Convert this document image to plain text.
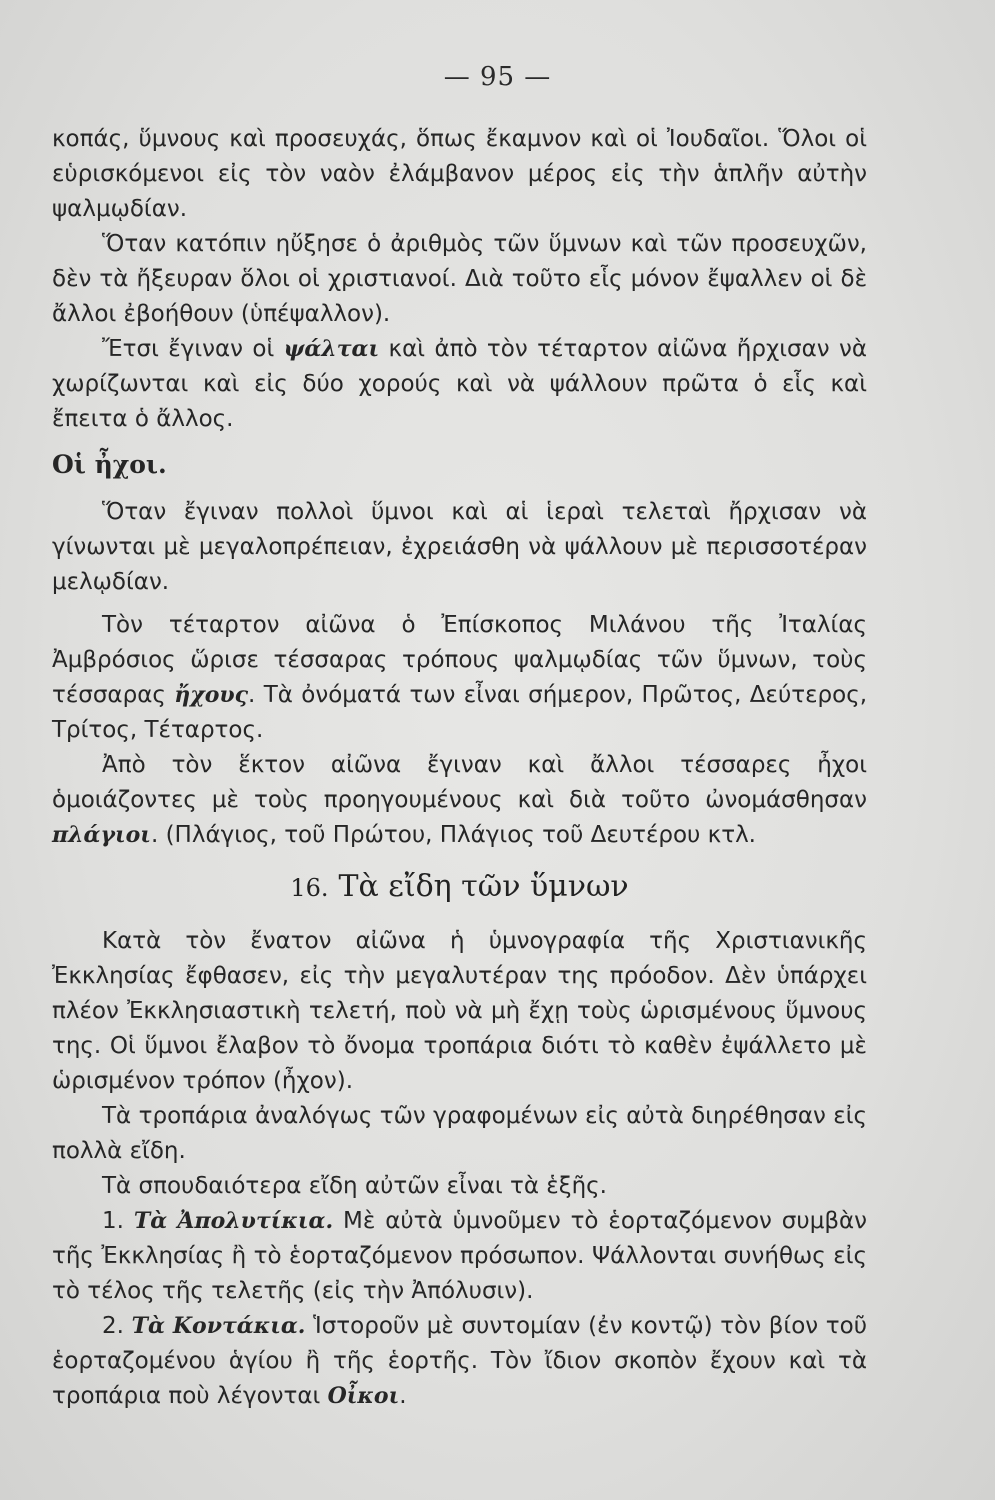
— 95 —

κοπάς, ὕμνους καὶ προσευχάς, ὅπως ἔκαμνον καὶ οἱ Ἰουδαῖοι. Ὅλοι οἱ εὑρισκόμενοι εἰς τὸν ναὸν ἐλάμβανον μέρος εἰς τὴν ἁπλῆν αὐτὴν ψαλμῳδίαν.

Ὅταν κατόπιν ηὔξησε ὁ ἀριθμὸς τῶν ὕμνων καὶ τῶν προσευχῶν, δὲν τὰ ἤξευραν ὅλοι οἱ χριστιανοί. Διὰ τοῦτο εἷς μόνον ἔψαλλεν οἱ δὲ ἄλλοι ἐβοήθουν (ὑπέψαλλον).

Ἔτσι ἔγιναν οἱ ψάλται καὶ ἀπὸ τὸν τέταρτον αἰῶνα ἤρχισαν νὰ χωρίζωνται καὶ εἰς δύο χορούς καὶ νὰ ψάλλουν πρῶτα ὁ εἷς καὶ ἔπειτα ὁ ἄλλος.

Οἱ ἦχοι.

Ὅταν ἔγιναν πολλοὶ ὕμνοι καὶ αἱ ἱεραὶ τελεταὶ ἤρχισαν νὰ γίνωνται μὲ μεγαλοπρέπειαν, ἐχρειάσθη νὰ ψάλλουν μὲ περισσοτέραν μελῳδίαν.

Τὸν τέταρτον αἰῶνα ὁ Ἐπίσκοπος Μιλάνου τῆς Ἰταλίας Ἀμβρόσιος ὥρισε τέσσαρας τρόπους ψαλμῳδίας τῶν ὕμνων, τοὺς τέσσαρας ἤχους. Τὰ ὀνόματά των εἶναι σήμερον, Πρῶτος, Δεύτερος, Τρίτος, Τέταρτος.

Ἀπὸ τὸν ἕκτον αἰῶνα ἔγιναν καὶ ἄλλοι τέσσαρες ἦχοι ὁμοιάζοντες μὲ τοὺς προηγουμένους καὶ διὰ τοῦτο ὠνομάσθησαν πλάγιοι. (Πλάγιος, τοῦ Πρώτου, Πλάγιος τοῦ Δευτέρου κτλ.

16. Τὰ εἴδη τῶν ὕμνων

Κατὰ τὸν ἔνατον αἰῶνα ἡ ὑμνογραφία τῆς Χριστιανικῆς Ἐκκλησίας ἔφθασεν, εἰς τὴν μεγαλυτέραν της πρόοδον. Δὲν ὑπάρχει πλέον Ἐκκλησιαστικὴ τελετή, ποὺ νὰ μὴ ἔχῃ τοὺς ὡρισμένους ὕμνους της. Οἱ ὕμνοι ἔλαβον τὸ ὄνομα τροπάρια διότι τὸ καθὲν ἐψάλλετο μὲ ὡρισμένον τρόπον (ἦχον).

Τὰ τροπάρια ἀναλόγως τῶν γραφομένων εἰς αὐτὰ διηρέθησαν εἰς πολλὰ εἴδη.

Τὰ σπουδαιότερα εἴδη αὐτῶν εἶναι τὰ ἑξῆς.

1. Τὰ Ἀπολυτίκια. Μὲ αὐτὰ ὑμνοῦμεν τὸ ἑορταζόμενον συμβὰν τῆς Ἐκκλησίας ἢ τὸ ἑορταζόμενον πρόσωπον. Ψάλλονται συνήθως εἰς τὸ τέλος τῆς τελετῆς (εἰς τὴν Ἀπόλυσιν).

2. Τὰ Κοντάκια. Ἱστοροῦν μὲ συντομίαν (ἐν κοντῷ) τὸν βίον τοῦ ἑορταζομένου ἁγίου ἢ τῆς ἑορτῆς. Τὸν ἴδιον σκοπὸν ἔχουν καὶ τὰ τροπάρια ποὺ λέγονται Οἶκοι.
